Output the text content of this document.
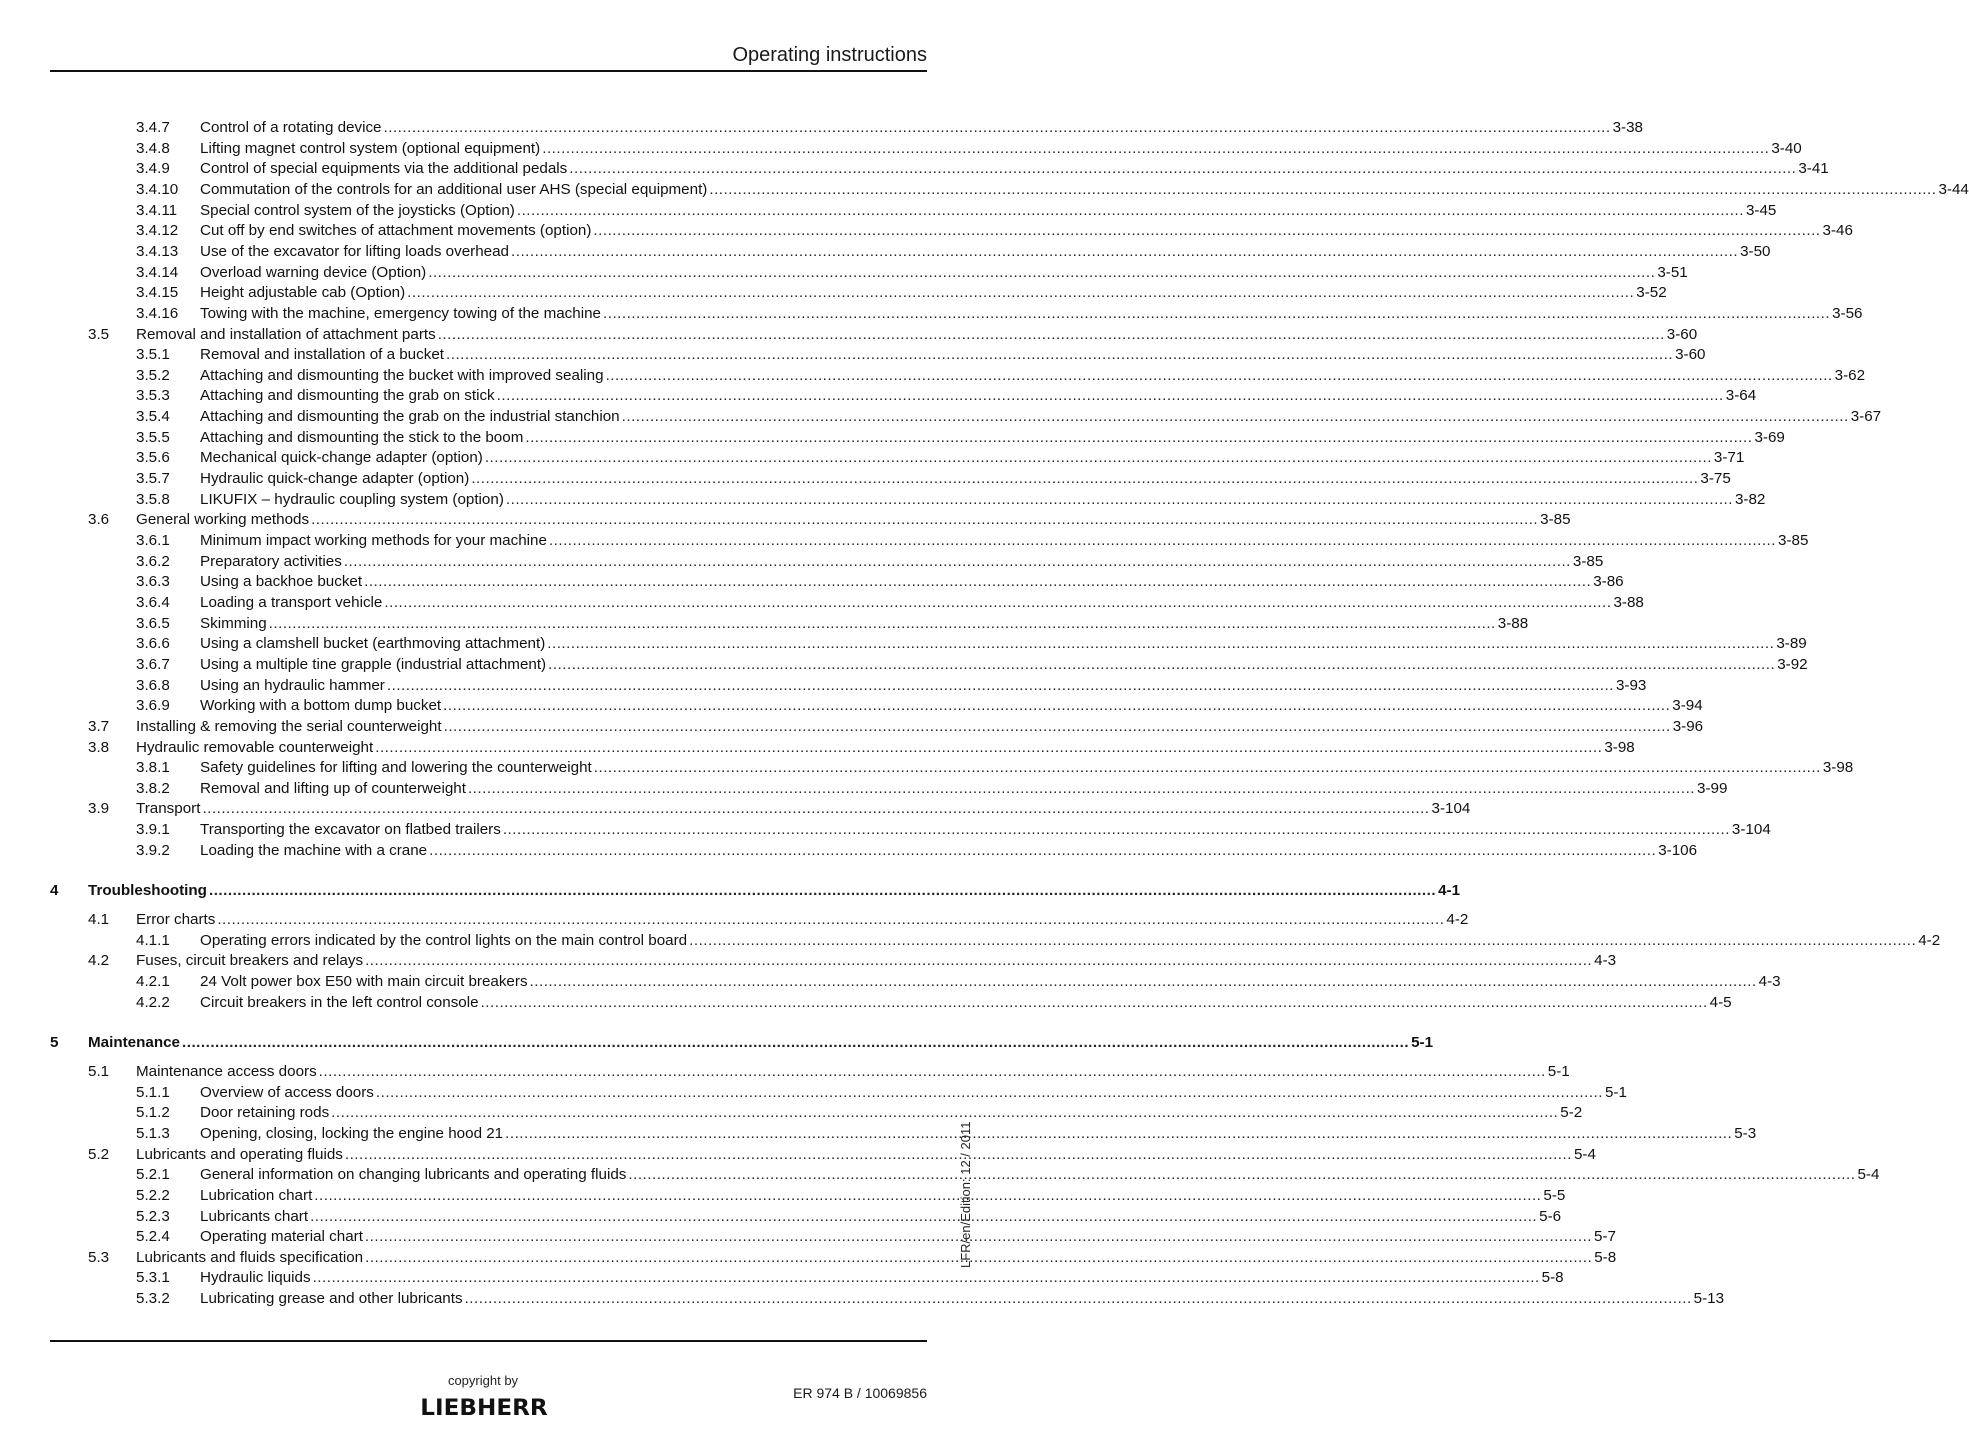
Operating instructions
3.4.7 Control of a rotating device .................................................................................................................................................................................................................................................................... 3-38
3.4.8 Lifting magnet control system (optional equipment) .................................................................................................................................................................................................................................................................... 3-40
3.4.9 Control of special equipments via the additional pedals .................................................................................................................................................................................................................................................................... 3-41
3.4.10 Commutation of the controls for an additional user AHS (special equipment) .................................................................................................................................................................................................................................................................... 3-44
3.4.11 Special control system of the joysticks (Option) .................................................................................................................................................................................................................................................................... 3-45
3.4.12 Cut off by end switches of attachment movements (option) .................................................................................................................................................................................................................................................................... 3-46
3.4.13 Use of the excavator for lifting loads overhead .................................................................................................................................................................................................................................................................... 3-50
3.4.14 Overload warning device (Option) .................................................................................................................................................................................................................................................................... 3-51
3.4.15 Height adjustable cab (Option) .................................................................................................................................................................................................................................................................... 3-52
3.4.16 Towing with the machine, emergency towing of the machine .................................................................................................................................................................................................................................................................... 3-56
3.5 Removal and installation of attachment parts .................................................................................................................................................................................................................................................................... 3-60
3.5.1 Removal and installation of a bucket .................................................................................................................................................................................................................................................................... 3-60
3.5.2 Attaching and dismounting the bucket with improved sealing .................................................................................................................................................................................................................................................................... 3-62
3.5.3 Attaching and dismounting the grab on stick .................................................................................................................................................................................................................................................................... 3-64
3.5.4 Attaching and dismounting the grab on the industrial stanchion .................................................................................................................................................................................................................................................................... 3-67
3.5.5 Attaching and dismounting the stick to the boom .................................................................................................................................................................................................................................................................... 3-69
3.5.6 Mechanical quick-change adapter (option) .................................................................................................................................................................................................................................................................... 3-71
3.5.7 Hydraulic quick-change adapter (option) .................................................................................................................................................................................................................................................................... 3-75
3.5.8 LIKUFIX – hydraulic coupling system (option) .................................................................................................................................................................................................................................................................... 3-82
3.6 General working methods .................................................................................................................................................................................................................................................................... 3-85
3.6.1 Minimum impact working methods for your machine .................................................................................................................................................................................................................................................................... 3-85
3.6.2 Preparatory activities .................................................................................................................................................................................................................................................................... 3-85
3.6.3 Using a backhoe bucket .................................................................................................................................................................................................................................................................... 3-86
3.6.4 Loading a transport vehicle .................................................................................................................................................................................................................................................................... 3-88
3.6.5 Skimming .................................................................................................................................................................................................................................................................... 3-88
3.6.6 Using a clamshell bucket (earthmoving attachment) .................................................................................................................................................................................................................................................................... 3-89
3.6.7 Using a multiple tine grapple (industrial attachment) .................................................................................................................................................................................................................................................................... 3-92
3.6.8 Using an hydraulic hammer .................................................................................................................................................................................................................................................................... 3-93
3.6.9 Working with a bottom dump bucket .................................................................................................................................................................................................................................................................... 3-94
3.7 Installing & removing the serial counterweight .................................................................................................................................................................................................................................................................... 3-96
3.8 Hydraulic removable counterweight .................................................................................................................................................................................................................................................................... 3-98
3.8.1 Safety guidelines for lifting and lowering the counterweight .................................................................................................................................................................................................................................................................... 3-98
3.8.2 Removal and lifting up of counterweight .................................................................................................................................................................................................................................................................... 3-99
3.9 Transport .................................................................................................................................................................................................................................................................... 3-104
3.9.1 Transporting the excavator on flatbed trailers .................................................................................................................................................................................................................................................................... 3-104
3.9.2 Loading the machine with a crane .................................................................................................................................................................................................................................................................... 3-106
4 Troubleshooting .................................................................................................................................................................................................................................................................... 4-1
4.1 Error charts .................................................................................................................................................................................................................................................................... 4-2
4.1.1 Operating errors indicated by the control lights on the main control board .................................................................................................................................................................................................................................................................... 4-2
4.2 Fuses, circuit breakers and relays .................................................................................................................................................................................................................................................................... 4-3
4.2.1 24 Volt power box E50 with main circuit breakers .................................................................................................................................................................................................................................................................... 4-3
4.2.2 Circuit breakers in the left control console .................................................................................................................................................................................................................................................................... 4-5
5 Maintenance .................................................................................................................................................................................................................................................................... 5-1
5.1 Maintenance access doors .................................................................................................................................................................................................................................................................... 5-1
5.1.1 Overview of access doors .................................................................................................................................................................................................................................................................... 5-1
5.1.2 Door retaining rods .................................................................................................................................................................................................................................................................... 5-2
5.1.3 Opening, closing, locking the engine hood 21 .................................................................................................................................................................................................................................................................... 5-3
5.2 Lubricants and operating fluids .................................................................................................................................................................................................................................................................... 5-4
5.2.1 General information on changing lubricants and operating fluids .................................................................................................................................................................................................................................................................... 5-4
5.2.2 Lubrication chart .................................................................................................................................................................................................................................................................... 5-5
5.2.3 Lubricants chart .................................................................................................................................................................................................................................................................... 5-6
5.2.4 Operating material chart .................................................................................................................................................................................................................................................................... 5-7
5.3 Lubricants and fluids specification .................................................................................................................................................................................................................................................................... 5-8
5.3.1 Hydraulic liquids .................................................................................................................................................................................................................................................................... 5-8
5.3.2 Lubricating grease and other lubricants .................................................................................................................................................................................................................................................................... 5-13
LFR/en/Edition: 12 / 2011
copyright by
LIEBHERR
ER 974 B / 10069856
